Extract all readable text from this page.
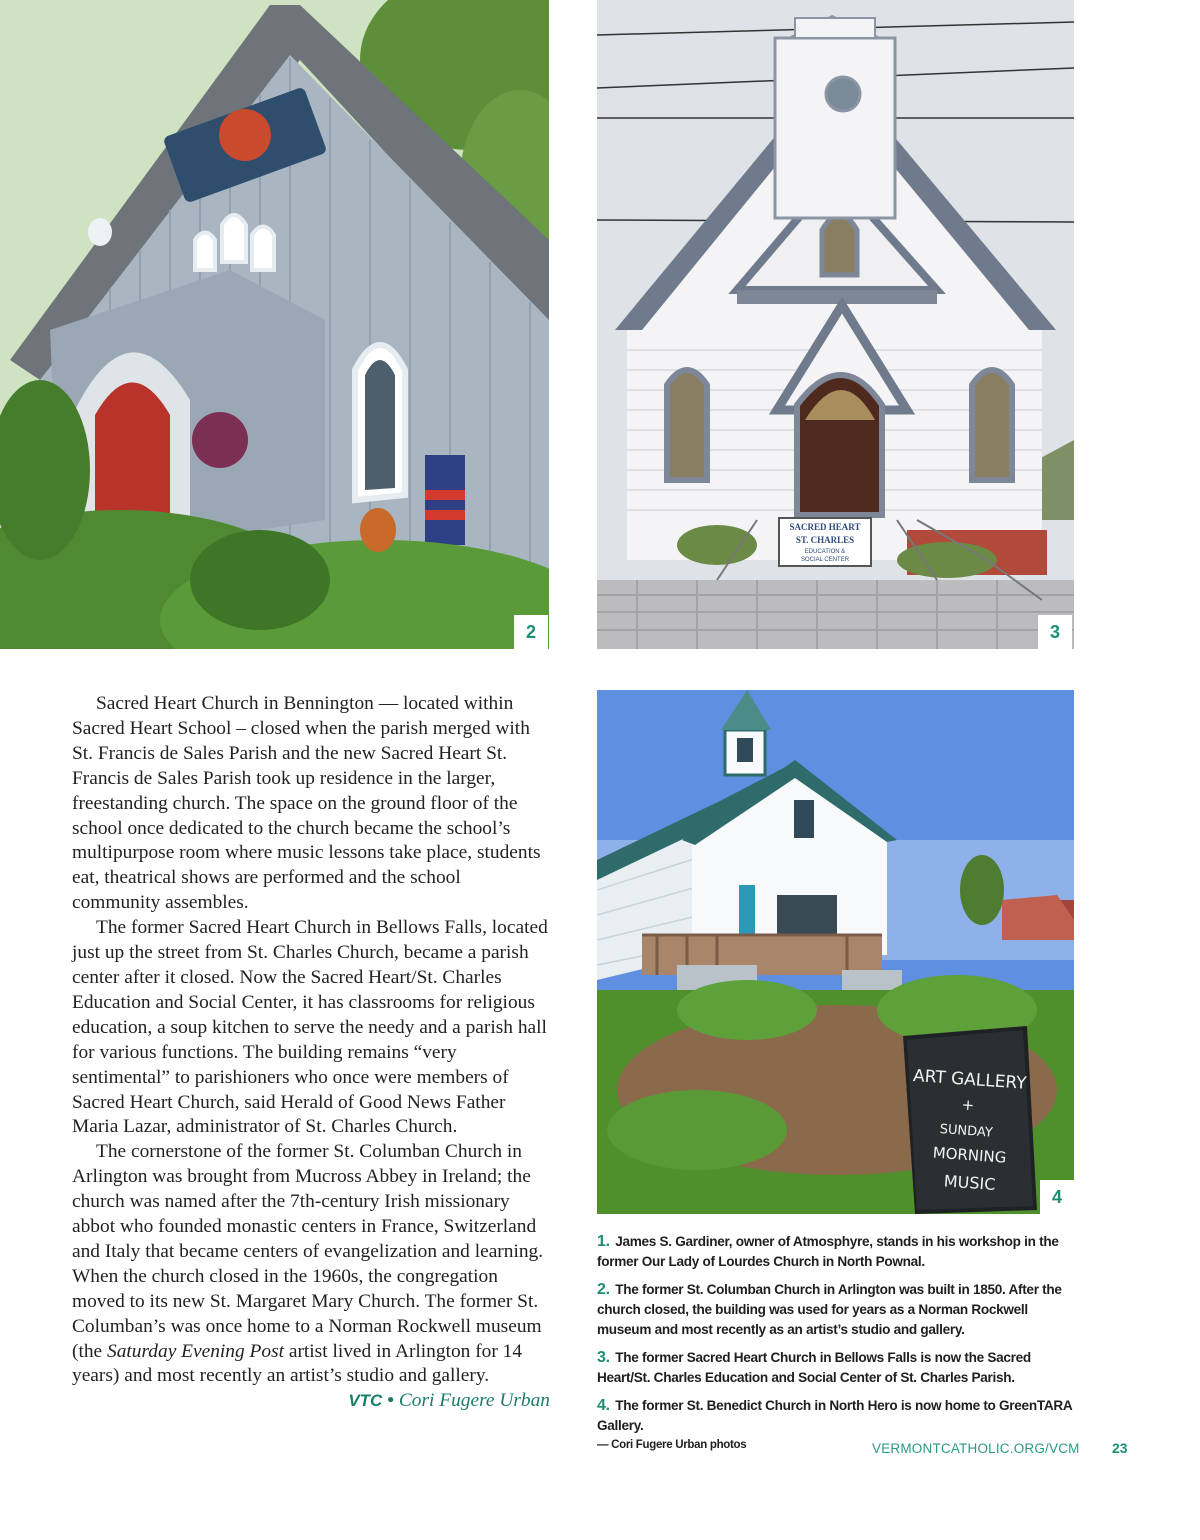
2
SACRED HEART
ST. CHARLES
EDUCATION &
SOCIAL CENTER
3
ART GALLERY
+
SUNDAY
MORNING
MUSIC
4

Sacred Heart Church in Bennington — located within Sacred Heart School – closed when the parish merged with St. Francis de Sales Parish and the new Sacred Heart St. Francis de Sales Parish took up residence in the larger, freestanding church. The space on the ground floor of the school once dedicated to the church became the school’s multipurpose room where music lessons take place, students eat, theatrical shows are performed and the school community assembles.

The former Sacred Heart Church in Bellows Falls, located just up the street from St. Charles Church, became a parish center after it closed. Now the Sacred Heart/St. Charles Education and Social Center, it has classrooms for religious education, a soup kitchen to serve the needy and a parish hall for various functions. The building remains “very sentimental” to parishioners who once were members of Sacred Heart Church, said Herald of Good News Father Maria Lazar, administrator of St. Charles Church.

The cornerstone of the former St. Columban Church in Arlington was brought from Mucross Abbey in Ireland; the church was named after the 7th-century Irish missionary abbot who founded monastic centers in France, Switzerland and Italy that became centers of evangelization and learning. When the church closed in the 1960s, the congregation moved to its new St. Margaret Mary Church. The former St. Columban’s was once home to a Norman Rockwell museum (the Saturday Evening Post artist lived in Arlington for 14 years) and most recently an artist’s studio and gallery.

VTC • Cori Fugere Urban

1. James S. Gardiner, owner of Atmosphyre, stands in his workshop in the former Our Lady of Lourdes Church in North Pownal.

2. The former St. Columban Church in Arlington was built in 1850. After the church closed, the building was used for years as a Norman Rockwell museum and most recently as an artist’s studio and gallery.

3. The former Sacred Heart Church in Bellows Falls is now the Sacred Heart/St. Charles Education and Social Center of St. Charles Parish.

4. The former St. Benedict Church in North Hero is now home to GreenTARA Gallery.

— Cori Fugere Urban photos	VERMONTCATHOLIC.ORG/VCM 23
